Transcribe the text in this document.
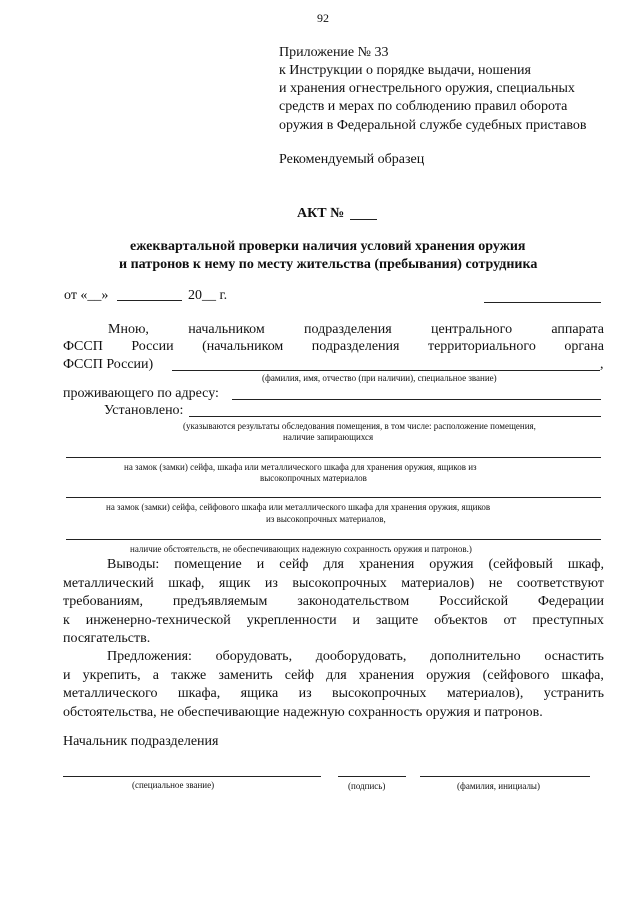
92
Приложение № 33
к Инструкции о порядке выдачи, ношения
и хранения огнестрельного оружия, специальных
средств и мерах по соблюдению правил оборота
оружия в Федеральной службе судебных приставов
Рекомендуемый образец
АКТ №
ежеквартальной проверки наличия условий хранения оружия
и патронов к нему по месту жительства (пребывания) сотрудника
от «__»	20__ г.
Мною,	начальником	подразделения	центрального	аппарата
ФССП России (начальником подразделения территориального органа
ФССП России)	,
(фамилия, имя, отчество (при наличии), специальное звание)
проживающего по адресу:
Установлено:
(указываются результаты обследования помещения, в том числе: расположение помещения,
наличие запирающихся
на замок (замки) сейфа, шкафа или металлического шкафа для хранения оружия, ящиков из
высокопрочных материалов
на замок (замки) сейфа, сейфового шкафа или металлического шкафа для хранения оружия, ящиков
из высокопрочных материалов,
наличие обстоятельств, не обеспечивающих надежную сохранность оружия и патронов.)
Выводы: помещение и сейф для хранения оружия (сейфовый шкаф,
металлический шкаф, ящик из высокопрочных материалов) не соответствуют
требованиям, предъявляемым законодательством Российской Федерации
к инженерно-технической укрепленности и защите объектов от преступных
посягательств.
Предложения: оборудовать, дооборудовать, дополнительно оснастить
и укрепить, а также заменить сейф для хранения оружия (сейфового шкафа,
металлического шкафа, ящика из высокопрочных материалов), устранить
обстоятельства, не обеспечивающие надежную сохранность оружия и патронов.
Начальник подразделения
(специальное звание)	(подпись)	(фамилия, инициалы)
